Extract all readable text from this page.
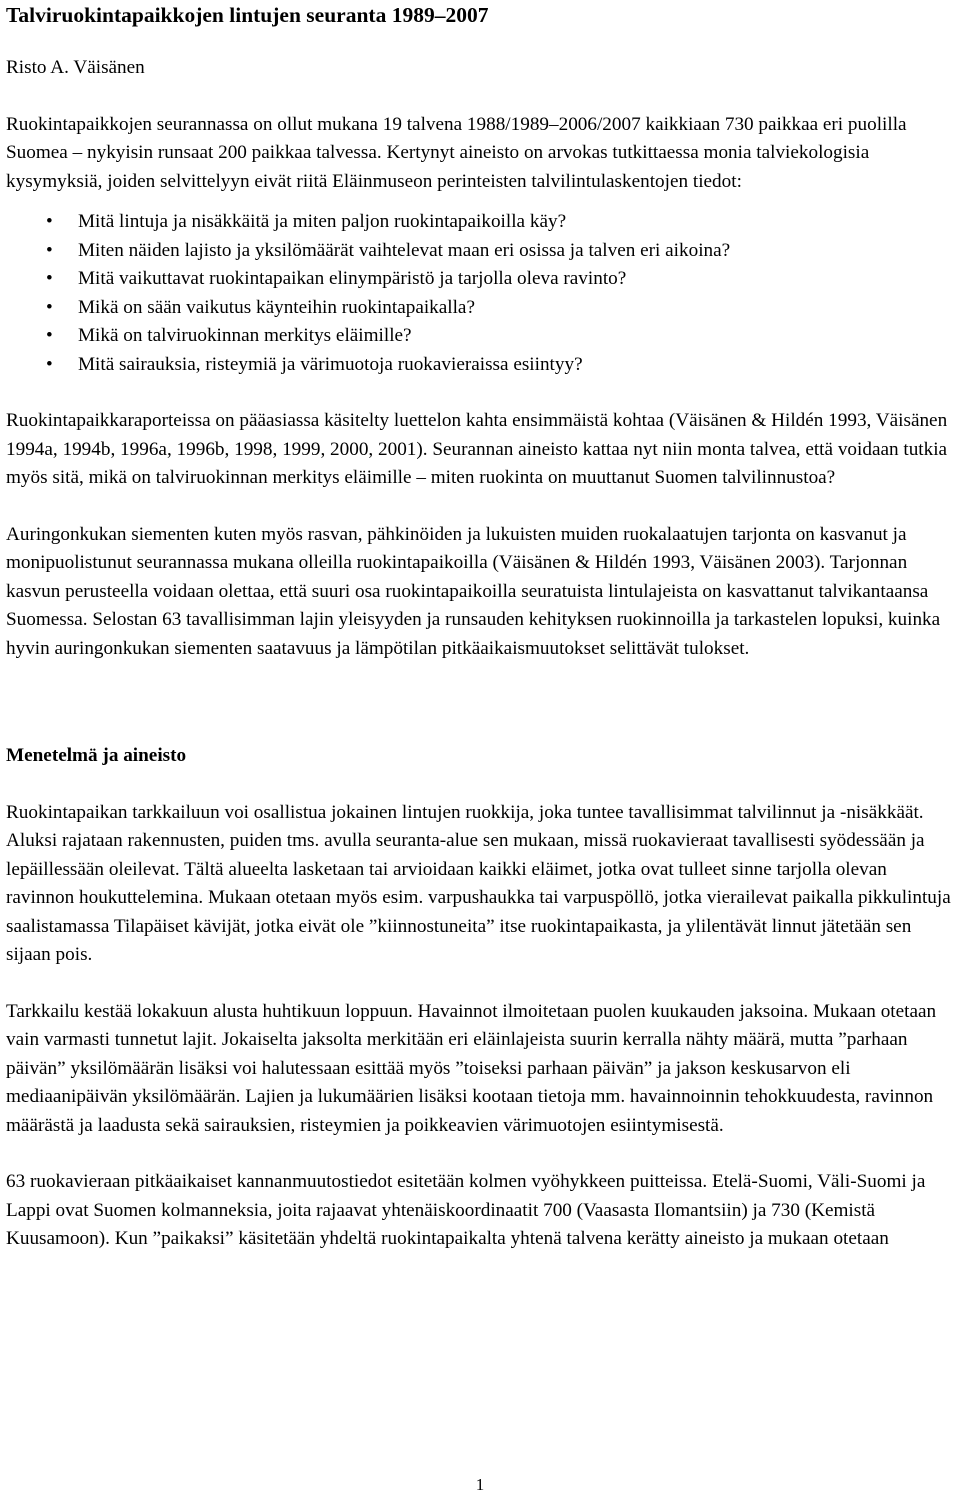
Talviruokintapaikkojen lintujen seuranta 1989–2007

Risto A. Väisänen

Ruokintapaikkojen seurannassa on ollut mukana 19 talvena 1988/1989–2006/2007 kaikkiaan 730 paikkaa eri puolilla Suomea – nykyisin runsaat 200 paikkaa talvessa. Kertynyt aineisto on arvokas tutkittaessa monia talviekologisia kysymyksiä, joiden selvittelyyn eivät riitä Eläinmuseon perinteisten talvilintulaskentojen tiedot:

• Mitä lintuja ja nisäkkäitä ja miten paljon ruokintapaikoilla käy?
• Miten näiden lajisto ja yksilömäärät vaihtelevat maan eri osissa ja talven eri aikoina?
• Mitä vaikuttavat ruokintapaikan elinympäristö ja tarjolla oleva ravinto?
• Mikä on sään vaikutus käynteihin ruokintapaikalla?
• Mikä on talviruokinnan merkitys eläimille?
• Mitä sairauksia, risteymiä ja värimuotoja ruokavieraissa esiintyy?

Ruokintapaikkaraporteissa on pääasiassa käsitelty luettelon kahta ensimmäistä kohtaa (Väisänen & Hildén 1993, Väisänen 1994a, 1994b, 1996a, 1996b, 1998, 1999, 2000, 2001). Seurannan aineisto kattaa nyt niin monta talvea, että voidaan tutkia myös sitä, mikä on talviruokinnan merkitys eläimille – miten ruokinta on muuttanut Suomen talvilinnustoa?

Auringonkukan siementen kuten myös rasvan, pähkinöiden ja lukuisten muiden ruokalaatujen tarjonta on kasvanut ja monipuolistunut seurannassa mukana olleilla ruokintapaikoilla (Väisänen & Hildén 1993, Väisänen 2003). Tarjonnan kasvun perusteella voidaan olettaa, että suuri osa ruokintapaikoilla seuratuista lintulajeista on kasvattanut talvikantaansa Suomessa. Selostan 63 tavallisimman lajin yleisyyden ja runsauden kehityksen ruokinnoilla ja tarkastelen lopuksi, kuinka hyvin auringonkukan siementen saatavuus ja lämpötilan pitkäaikaismuutokset selittävät tulokset.

Menetelmä ja aineisto

Ruokintapaikan tarkkailuun voi osallistua jokainen lintujen ruokkija, joka tuntee tavallisimmat talvilinnut ja -nisäkkäät. Aluksi rajataan rakennusten, puiden tms. avulla seuranta-alue sen mukaan, missä ruokavieraat tavallisesti syödessään ja lepäillessään oleilevat. Tältä alueelta lasketaan tai arvioidaan kaikki eläimet, jotka ovat tulleet sinne tarjolla olevan ravinnon houkuttelemina. Mukaan otetaan myös esim. varpushaukka tai varpuspöllö, jotka vierailevat paikalla pikkulintuja saalistamassa Tilapäiset kävijät, jotka eivät ole ”kiinnostuneita” itse ruokintapaikasta, ja ylilentävät linnut jätetään sen sijaan pois.

Tarkkailu kestää lokakuun alusta huhtikuun loppuun. Havainnot ilmoitetaan puolen kuukauden jaksoina. Mukaan otetaan vain varmasti tunnetut lajit. Jokaiselta jaksolta merkitään eri eläinlajeista suurin kerralla nähty määrä, mutta ”parhaan päivän” yksilömäärän lisäksi voi halutessaan esittää myös ”toiseksi parhaan päivän” ja jakson keskusarvon eli mediaanipäivän yksilömäärän. Lajien ja lukumäärien lisäksi kootaan tietoja mm. havainnoinnin tehokkuudesta, ravinnon määrästä ja laadusta sekä sairauksien, risteymien ja poikkeavien värimuotojen esiintymisestä.

63 ruokavieraan pitkäaikaiset kannanmuutostiedot esitetään kolmen vyöhykkeen puitteissa. Etelä-Suomi, Väli-Suomi ja Lappi ovat Suomen kolmanneksia, joita rajaavat yhtenäiskoordinaatit 700 (Vaasasta Ilomantsiin) ja 730 (Kemistä Kuusamoon). Kun ”paikaksi” käsitetään yhdeltä ruokintapaikalta yhtenä talvena kerätty aineisto ja mukaan otetaan

1
